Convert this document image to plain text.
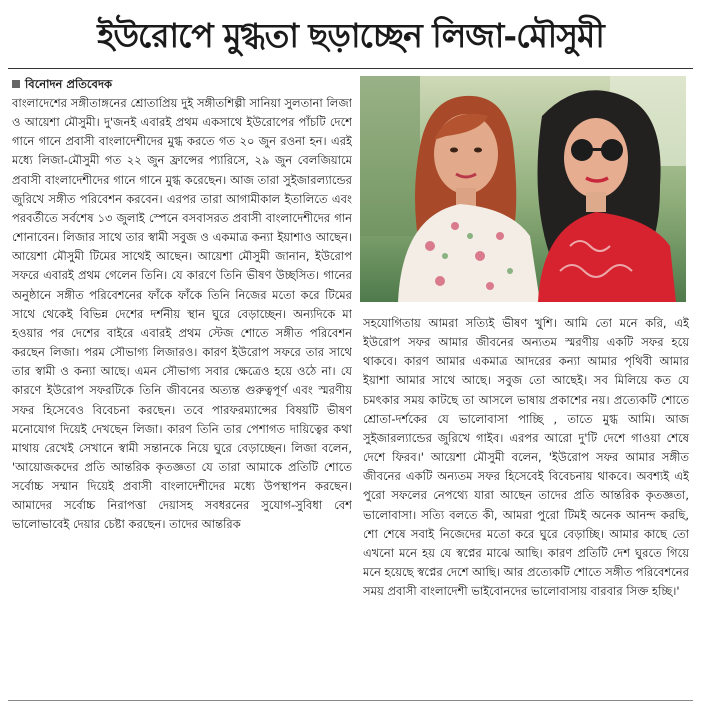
ইউরোপে মুগ্ধতা ছড়াচ্ছেন লিজা-মৌসুমী
বিনোদন প্রতিবেদক

বাংলাদেশের সঙ্গীতাঙ্গনের শ্রোতাপ্রিয় দুই সঙ্গীতশিল্পী সানিয়া সুলতানা লিজা ও আয়েশা মৌসুমী। দু'জনই এবারই প্রথম একসাথে ইউরোপের পাঁচটি দেশে গানে গানে প্রবাসী বাংলাদেশীদের মুগ্ধ করতে গত ২০ জুন রওনা হন। এরই মধ্যে লিজা-মৌসুমী গত ২২ জুন ফ্রান্সের প্যারিসে, ২৯ জুন বেলজিয়ামে প্রবাসী বাংলাদেশীদের গানে গানে মুগ্ধ করেছেন। আজ তারা সুইজারল্যান্ডের জুরিখে সঙ্গীত পরিবেশন করবেন। এরপর তারা আগামীকাল ইতালিতে এবং পরবর্তীতে সর্বশেষ ১৩ জুলাই স্পেনে বসবাসরত প্রবাসী বাংলাদেশীদের গান শোনাবেন। লিজার সাথে তার স্বামী সবুজ ও একমাত্র কন্যা ইয়াশাও আছেন। আয়েশা মৌসুমী টিমের সাথেই আছেন। আয়েশা মৌসুমী জানান, ইউরোপ সফরে এবারই প্রথম গেলেন তিনি। যে কারণে তিনি ভীষণ উচ্ছসিত। গানের অনুষ্ঠানে সঙ্গীত পরিবেশনের ফাঁকে ফাঁকে তিনি নিজের মতো করে টিমের সাথে থেকেই বিভিন্ন দেশের দর্শনীয় স্থান ঘুরে বেড়াচ্ছেন। অন্যদিকে মা হওয়ার পর দেশের বাইরে এবারই প্রথম স্টেজ শোতে সঙ্গীত পরিবেশন করছেন লিজা। পরম সৌভাগ্য লিজারও। কারণ ইউরোপ সফরে তার সাথে তার স্বামী ও কন্যা আছে। এমন সৌভাগ্য সবার ক্ষেত্রেও হয়ে ওঠে না। যে কারণে ইউরোপ সফরটিকে তিনি জীবনের অত্যন্ত গুরুত্বপূর্ণ এবং স্মরণীয় সফর হিসেবেও বিবেচনা করছেন। তবে পারফরম্যান্সের বিষয়টি ভীষণ মনোযোগ দিয়েই দেখছেন লিজা। কারণ তিনি তার পেশাগত দায়িত্বের কথা মাথায় রেখেই সেখানে স্বামী সন্তানকে নিয়ে ঘুরে বেড়াচ্ছেন। লিজা বলেন, 'আয়োজকদের প্রতি আন্তরিক কৃতজ্ঞতা যে তারা আমাকে প্রতিটি শোতে সর্বোচ্চ সম্মান দিয়েই প্রবাসী বাংলাদেশীদের মধ্যে উপস্থাপন করছেন। আমাদের সর্বোচ্চ নিরাপত্তা দেয়াসহ সবধরনের সুযোগ-সুবিধা বেশ ভালোভাবেই দেয়ার চেষ্টা করছেন। তাদের আন্তরিক

সহযোগিতায় আমরা সত্যিই ভীষণ খুশি। আমি তো মনে করি, এই ইউরোপ সফর আমার জীবনের অন্যতম স্মরণীয় একটি সফর হয়ে থাকবে। কারণ আমার একমাত্র আদরের কন্যা আমার পৃথিবী আমার ইয়াশা আমার সাথে আছে। সবুজ তো আছেই। সব মিলিয়ে কত যে চমৎকার সময় কাটছে তা আসলে ভাষায় প্রকাশের নয়। প্রত্যেকটি শোতে শ্রোতা-দর্শকের যে ভালোবাসা পাচ্ছি , তাতে মুগ্ধ আমি। আজ সুইজারল্যান্ডের জুরিখে গাইব। এরপর আরো দু'টি দেশে গাওয়া শেষে দেশে ফিরব।' আয়েশা মৌসুমী বলেন, 'ইউরোপ সফর আমার সঙ্গীত জীবনের একটি অন্যতম সফর হিসেবেই বিবেচনায় থাকবে। অবশ্যই এই পুরো সফলের নেপথ্যে যারা আছেন তাদের প্রতি আন্তরিক কৃতজ্ঞতা, ভালোবাসা। সত্যি বলতে কী, আমরা পুরো টিমই অনেক আনন্দ করছি, শো শেষে সবাই নিজেদের মতো করে ঘুরে বেড়াচ্ছি। আমার কাছে তো এখনো মনে হয় যে স্বপ্নের মাঝে আছি। কারণ প্রতিটি দেশ ঘুরতে গিয়ে মনে হয়েছে স্বপ্নের দেশে আছি। আর প্রত্যেকটি শোতে সঙ্গীত পরিবেশনের সময় প্রবাসী বাংলাদেশী ভাইবোনদের ভালোবাসায় বারবার সিক্ত হচ্ছি।'
